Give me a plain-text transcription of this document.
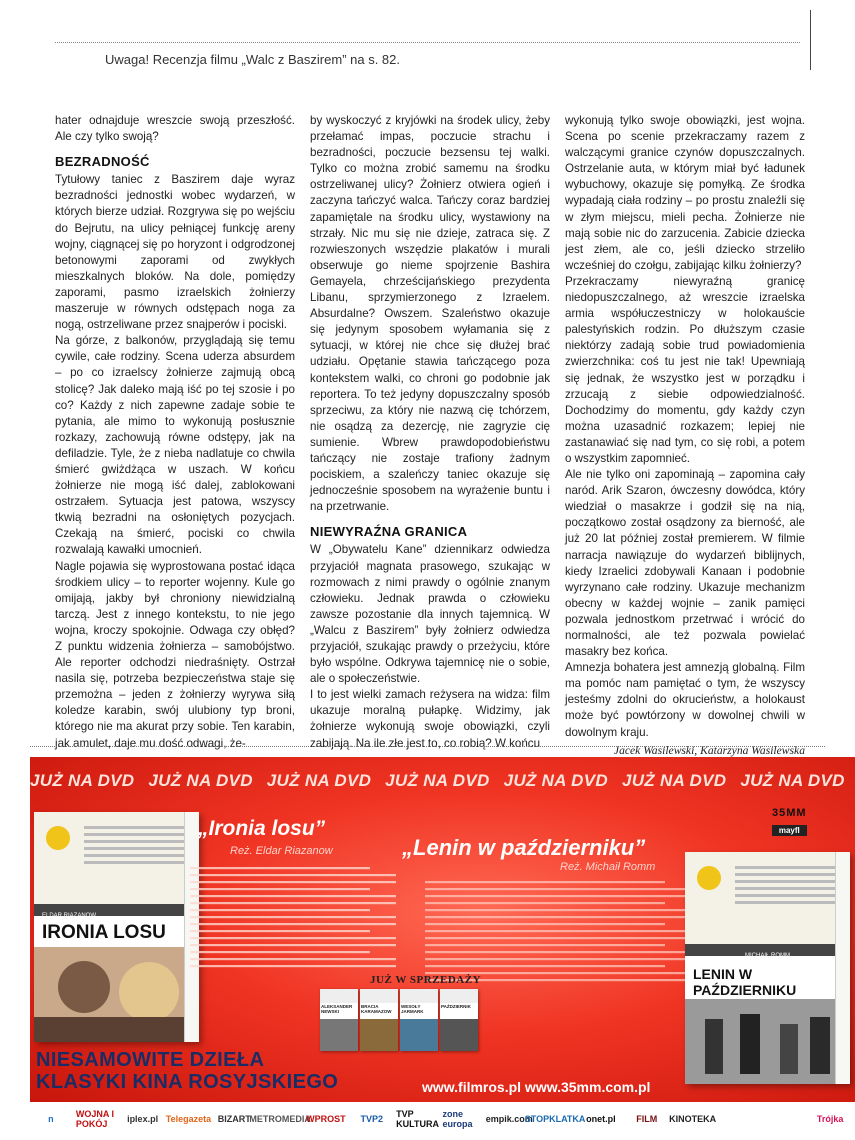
Uwaga! Recenzja filmu „Walc z Baszirem” na s. 82.

hater odnajduje wreszcie swoją przeszłość. Ale czy tylko swoją?

BEZRADNOŚĆ

Tytułowy taniec z Baszirem daje wyraz bezradności jednostki wobec wydarzeń, w których bierze udział. Rozgrywa się po wejściu do Bejrutu, na ulicy pełniącej funkcję areny wojny, ciągnącej się po horyzont i odgrodzonej betonowymi zaporami od zwykłych mieszkalnych bloków. Na dole, pomiędzy zaporami, pasmo izraelskich żołnierzy maszeruje w równych odstępach noga za nogą, ostrzeliwane przez snajperów i pociski.

Na górze, z balkonów, przyglądają się temu cywile, całe rodziny. Scena uderza absurdem – po co izraelscy żołnierze zajmują obcą stolicę? Jak daleko mają iść po tej szosie i po co? Każdy z nich zapewne zadaje sobie te pytania, ale mimo to wykonują posłusznie rozkazy, zachowują równe odstępy, jak na defiladzie. Tyle, że z nieba nadlatuje co chwila śmierć gwiżdżąca w uszach. W końcu żołnierze nie mogą iść dalej, zablokowani ostrzałem. Sytuacja jest patowa, wszyscy tkwią bezradni na osłoniętych pozycjach. Czekają na śmierć, pociski co chwila rozwalają kawałki umocnień.

Nagle pojawia się wyprostowana postać idąca środkiem ulicy – to reporter wojenny. Kule go omijają, jakby był chroniony niewidzialną tarczą. Jest z innego kontekstu, to nie jego wojna, kroczy spokojnie. Odwaga czy obłęd? Z punktu widzenia żołnierza – samobójstwo. Ale reporter odchodzi niedraśnięty. Ostrzał nasila się, potrzeba bezpieczeństwa staje się przemożna – jeden z żołnierzy wyrywa siłą koledze karabin, swój ulubiony typ broni, którego nie ma akurat przy sobie. Ten karabin, jak amulet, daje mu dość odwagi, że-

by wyskoczyć z kryjówki na środek ulicy, żeby przełamać impas, poczucie strachu i bezradności, poczucie bezsensu tej walki. Tylko co można zrobić samemu na środku ostrzeliwanej ulicy? Żołnierz otwiera ogień i zaczyna tańczyć walca. Tańczy coraz bardziej zapamiętale na środku ulicy, wystawiony na strzały. Nic mu się nie dzieje, zatraca się. Z rozwieszonych wszędzie plakatów i murali obserwuje go nieme spojrzenie Bashira Gemayela, chrześcijańskiego prezydenta Libanu, sprzymierzonego z Izraelem. Absurdalne? Owszem. Szaleństwo okazuje się jedynym sposobem wyłamania się z sytuacji, w której nie chce się dłużej brać udziału. Opętanie stawia tańczącego poza kontekstem walki, co chroni go podobnie jak reportera. To też jedyny dopuszczalny sposób sprzeciwu, za który nie nazwą cię tchórzem, nie osądzą za dezercję, nie zagryzie cię sumienie. Wbrew prawdopodobieństwu tańczący nie zostaje trafiony żadnym pociskiem, a szaleńczy taniec okazuje się jednocześnie sposobem na wyrażenie buntu i na przetrwanie.

NIEWYRAŹNA GRANICA

W „Obywatelu Kane” dziennikarz odwiedza przyjaciół magnata prasowego, szukając w rozmowach z nimi prawdy o ogólnie znanym człowieku. Jednak prawda o człowieku zawsze pozostanie dla innych tajemnicą. W „Walcu z Baszirem” były żołnierz odwiedza przyjaciół, szukając prawdy o przeżyciu, które było wspólne. Odkrywa tajemnicę nie o sobie, ale o społeczeństwie.

I to jest wielki zamach reżysera na widza: film ukazuje moralną pułapkę. Widzimy, jak żołnierze wykonują swoje obowiązki, czyli zabijają. Na ile złe jest to, co robią? W końcu

wykonują tylko swoje obowiązki, jest wojna. Scena po scenie przekraczamy razem z walczącymi granice czynów dopuszczalnych. Ostrzelanie auta, w którym miał być ładunek wybuchowy, okazuje się pomyłką. Ze środka wypadają ciała rodziny – po prostu znaleźli się w złym miejscu, mieli pecha. Żołnierze nie mają sobie nic do zarzucenia. Zabicie dziecka jest złem, ale co, jeśli dziecko strzeliło wcześniej do czołgu, zabijając kilku żołnierzy?

Przekraczamy niewyraźną granicę niedopuszczalnego, aż wreszcie izraelska armia współuczestniczy w holokauście palestyńskich rodzin. Po dłuższym czasie niektórzy zadają sobie trud powiadomienia zwierzchnika: coś tu jest nie tak! Upewniają się jednak, że wszystko jest w porządku i zrzucają z siebie odpowiedzialność. Dochodzimy do momentu, gdy każdy czyn można uzasadnić rozkazem; lepiej nie zastanawiać się nad tym, co się robi, a potem o wszystkim zapomnieć.

Ale nie tylko oni zapominają – zapomina cały naród. Arik Szaron, ówczesny dowódca, który wiedział o masakrze i godził się na nią, początkowo został osądzony za bierność, ale już 20 lat później został premierem. W filmie narracja nawiązuje do wydarzeń biblijnych, kiedy Izraelici zdobywali Kanaan i podobnie wyrzynano całe rodziny. Ukazuje mechanizm obecny w każdej wojnie – zanik pamięci pozwala jednostkom przetrwać i wrócić do normalności, ale też pozwala powielać masakry bez końca.

Amnezja bohatera jest amnezją globalną. Film ma pomóc nam pamiętać o tym, że wszyscy jesteśmy zdolni do okrucieństw, a holokaust może być powtórzony w dowolnej chwili w dowolnym kraju.

Jacek Wasilewski, Katarzyna Wasilewska

JUŻ NA DVD JUŻ NA DVD JUŻ NA DVD JUŻ NA DVD JUŻ NA DVD JUŻ NA DVD JUŻ NA DVD
ELDAR RIAZANOW
IRONIA LOSU
„Ironia losu”
Reż. Eldar Riazanow	„Lenin w październiku”
Reż. Michaił Romm
JUŻ W SPRZEDAŻY
ALEKSANDER NEWSKI
BRACIA KARAMAZOW
WESOŁY JARMARK
PAŹDZIERNIK
MICHAIŁ ROMM
LENIN W PAŹDZIERNIKU
35MM
mayfl
NIESAMOWITE DZIEŁA
KLASYKI KINA ROSYJSKIEGO	www.filmros.pl www.35mm.com.pl
n	WOJNA I POKÓJ	iplex.pl Telegazeta BIZART
METROMEDIA
WPROST	TVP2	TVP KULTURA
zone europa	empik.com
STOPKLATKA onet.pl	FILM	KINOTEKA	Trójka
